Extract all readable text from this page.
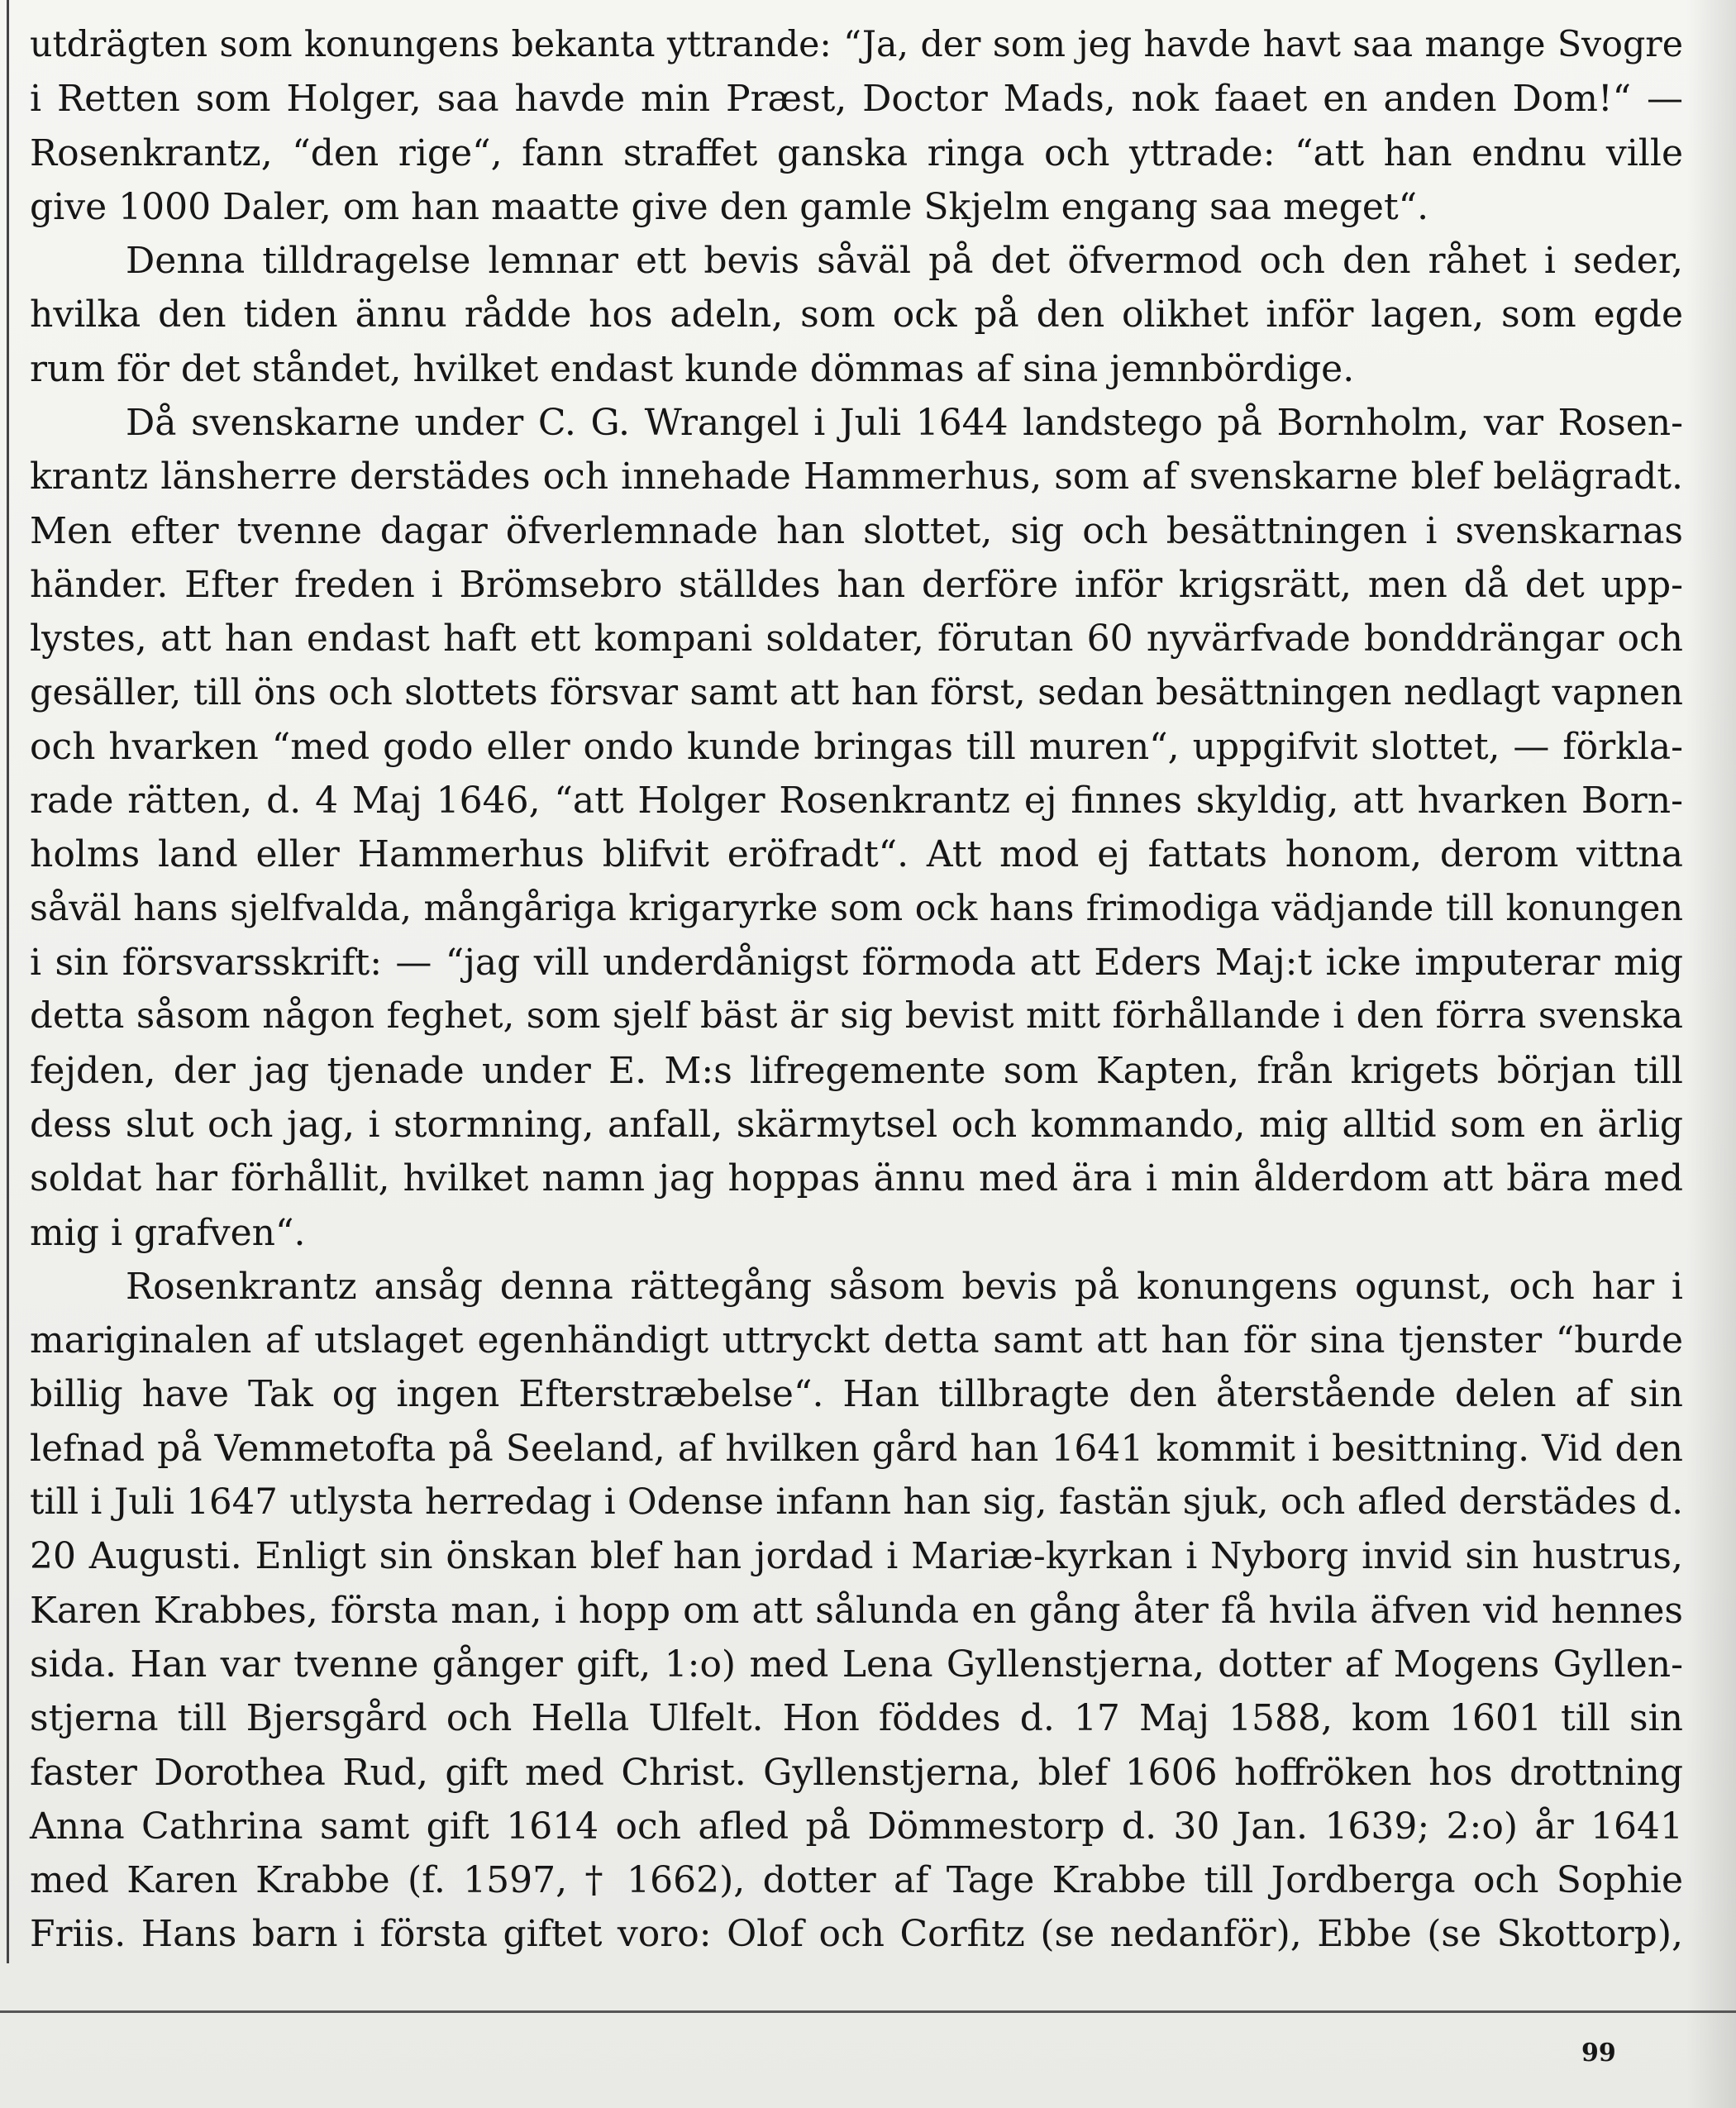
utdrägten som konungens bekanta yttrande: “Ja, der som jeg havde havt saa mange Svogre
i Retten som Holger, saa havde min Præst, Doctor Mads, nok faaet en anden Dom!“ —
Rosenkrantz, “den rige“, fann straffet ganska ringa och yttrade: “att han endnu ville
give 1000 Daler, om han maatte give den gamle Skjelm engang saa meget“.
Denna tilldragelse lemnar ett bevis såväl på det öfvermod och den råhet i seder,
hvilka den tiden ännu rådde hos adeln, som ock på den olikhet inför lagen, som egde
rum för det ståndet, hvilket endast kunde dömmas af sina jemnbördige.
Då svenskarne under C. G. Wrangel i Juli 1644 landstego på Bornholm, var Rosen-
krantz länsherre derstädes och innehade Hammerhus, som af svenskarne blef belägradt.
Men efter tvenne dagar öfverlemnade han slottet, sig och besättningen i svenskarnas
händer. Efter freden i Brömsebro ställdes han derföre inför krigsrätt, men då det upp-
lystes, att han endast haft ett kompani soldater, förutan 60 nyvärfvade bonddrängar och
gesäller, till öns och slottets försvar samt att han först, sedan besättningen nedlagt vapnen
och hvarken “med godo eller ondo kunde bringas till muren“, uppgifvit slottet, — förkla-
rade rätten, d. 4 Maj 1646, “att Holger Rosenkrantz ej finnes skyldig, att hvarken Born-
holms land eller Hammerhus blifvit eröfradt“. Att mod ej fattats honom, derom vittna
såväl hans sjelfvalda, mångåriga krigaryrke som ock hans frimodiga vädjande till konungen
i sin försvarsskrift: — “jag vill underdånigst förmoda att Eders Maj:t icke imputerar mig
detta såsom någon feghet, som sjelf bäst är sig bevist mitt förhållande i den förra svenska
fejden, der jag tjenade under E. M:s lifregemente som Kapten, från krigets början till
dess slut och jag, i stormning, anfall, skärmytsel och kommando, mig alltid som en ärlig
soldat har förhållit, hvilket namn jag hoppas ännu med ära i min ålderdom att bära med
mig i grafven“.
Rosenkrantz ansåg denna rättegång såsom bevis på konungens ogunst, och har i
mariginalen af utslaget egenhändigt uttryckt detta samt att han för sina tjenster “burde
billig have Tak og ingen Efterstræbelse“. Han tillbragte den återstående delen af sin
lefnad på Vemmetofta på Seeland, af hvilken gård han 1641 kommit i besittning. Vid den
till i Juli 1647 utlysta herredag i Odense infann han sig, fastän sjuk, och afled derstädes d.
20 Augusti. Enligt sin önskan blef han jordad i Mariæ-kyrkan i Nyborg invid sin hustrus,
Karen Krabbes, första man, i hopp om att sålunda en gång åter få hvila äfven vid hennes
sida. Han var tvenne gånger gift, 1:o) med Lena Gyllenstjerna, dotter af Mogens Gyllen-
stjerna till Bjersgård och Hella Ulfelt. Hon föddes d. 17 Maj 1588, kom 1601 till sin
faster Dorothea Rud, gift med Christ. Gyllenstjerna, blef 1606 hoffröken hos drottning
Anna Cathrina samt gift 1614 och afled på Dömmestorp d. 30 Jan. 1639; 2:o) år 1641
med Karen Krabbe (f. 1597, † 1662), dotter af Tage Krabbe till Jordberga och Sophie
Friis. Hans barn i första giftet voro: Olof och Corfitz (se nedanför), Ebbe (se Skottorp),
99
